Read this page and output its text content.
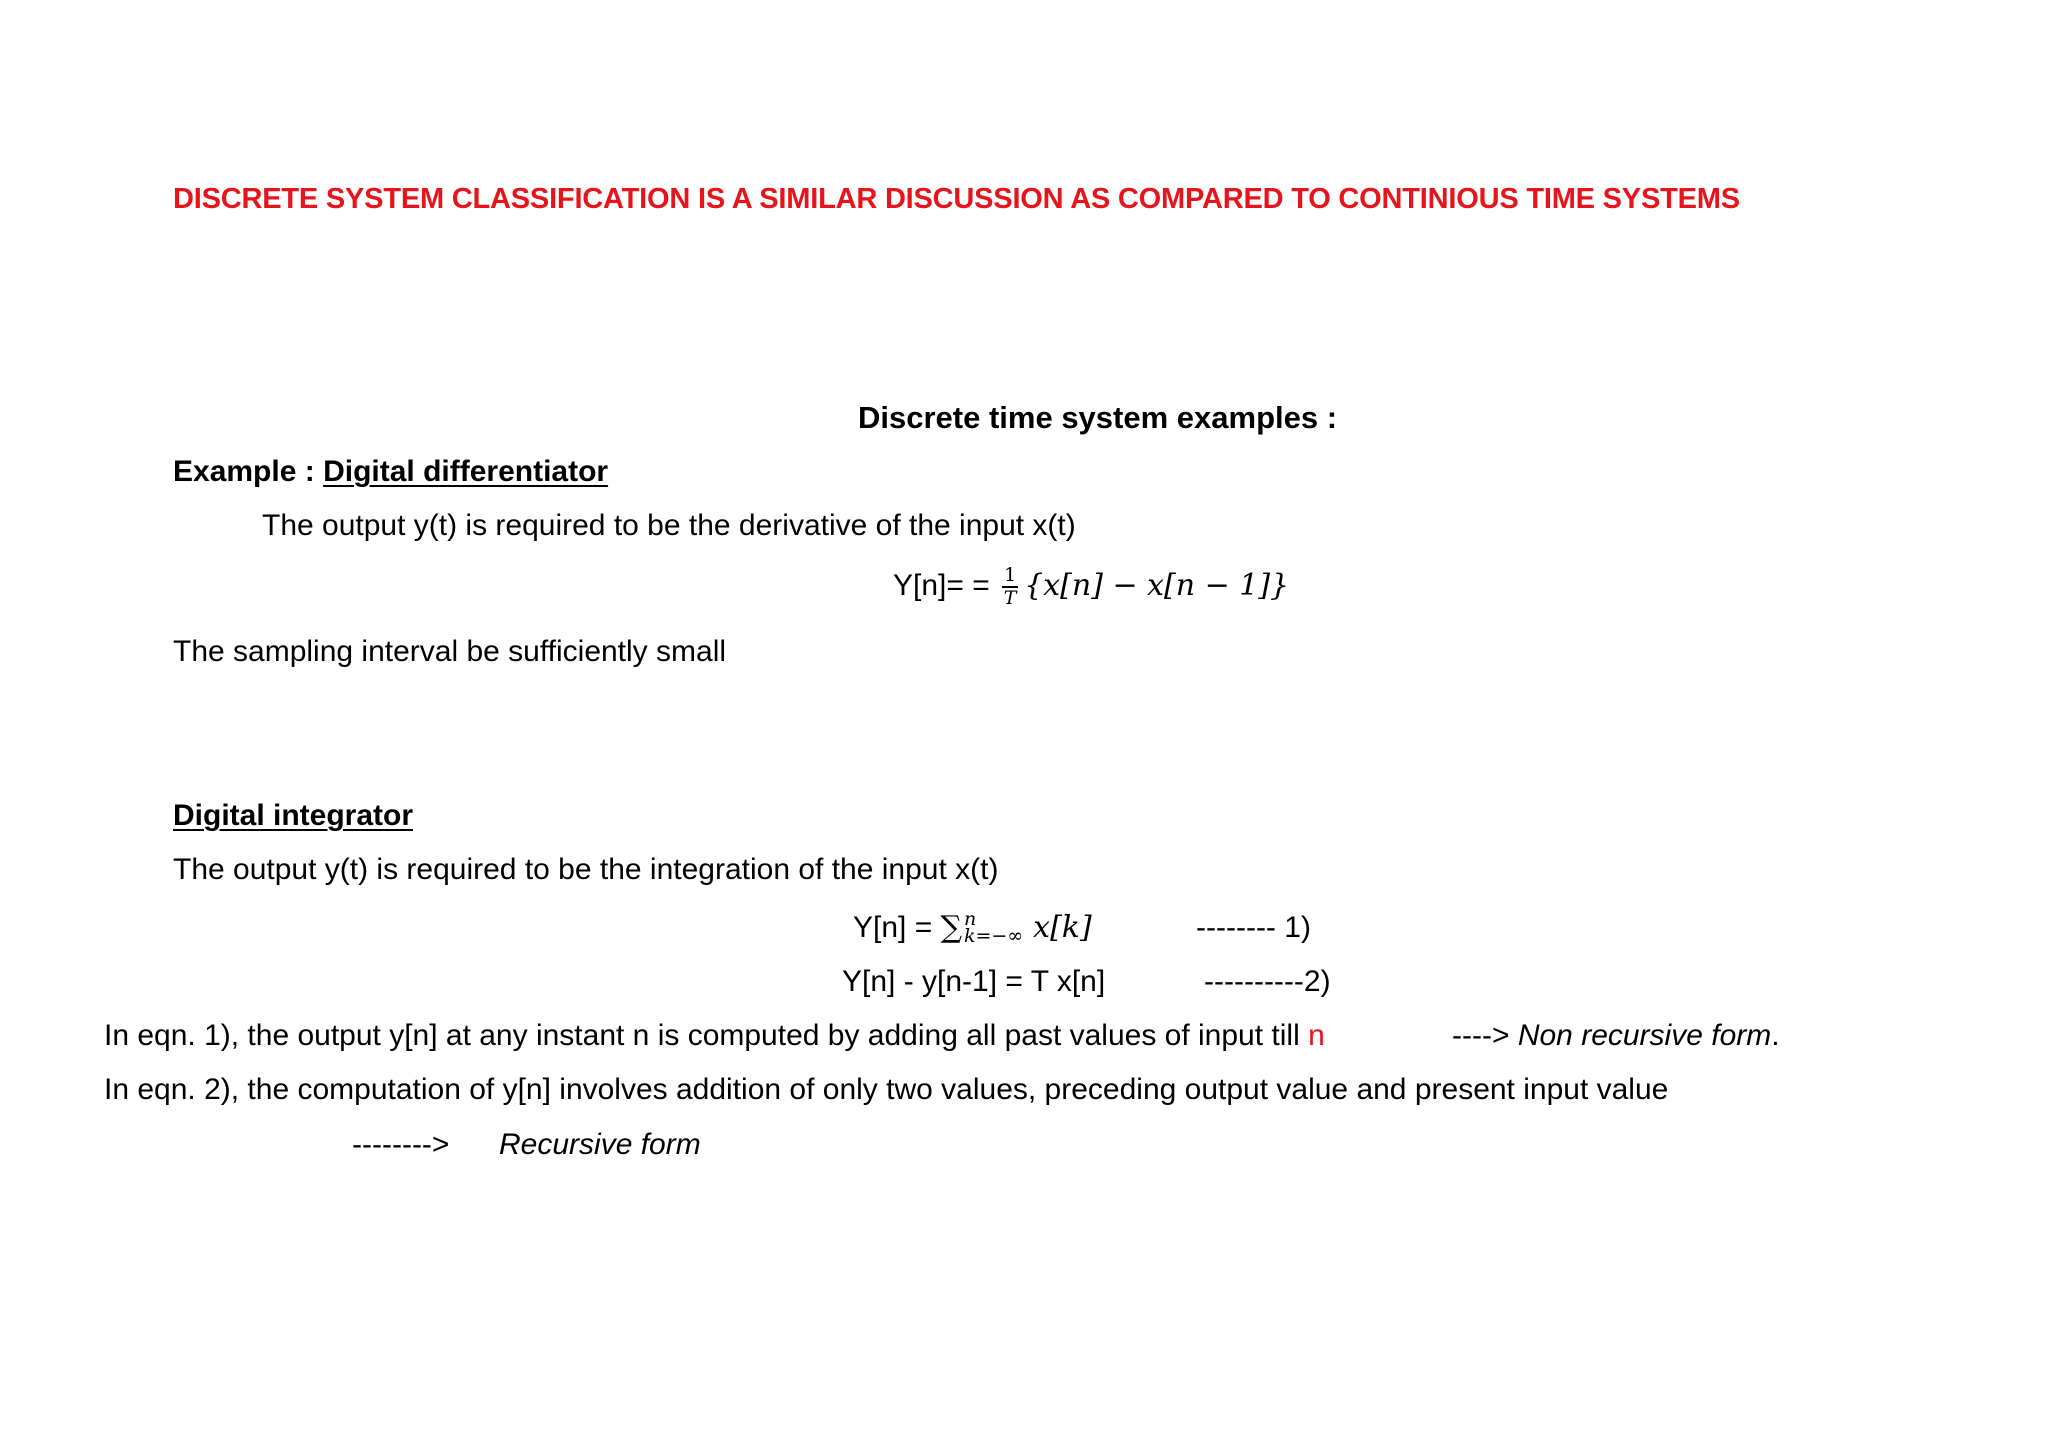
DISCRETE SYSTEM CLASSIFICATION IS A SIMILAR DISCUSSION AS COMPARED TO CONTINIOUS TIME SYSTEMS
Discrete time system examples :
Example : Digital differentiator
The output y(t) is required to be the derivative of the input x(t)
$Y[n]= = \frac{1}{T} \{x[n] - x[n - 1]\}$
The sampling interval be sufficiently small
Digital integrator
The output y(t) is required to be the integration of the input x(t)
Y[n] = ∑ n
k=−∞ x[k]	-------- 1)
Y[n] - y[n-1] = T x[n]	----------2)
In eqn. 1), the output y[n] at any instant n is computed by adding all past values of input till n	----> Non recursive form.
In eqn. 2), the computation of y[n] involves addition of only two values, preceding output value and present input value
--------> Recursive form
